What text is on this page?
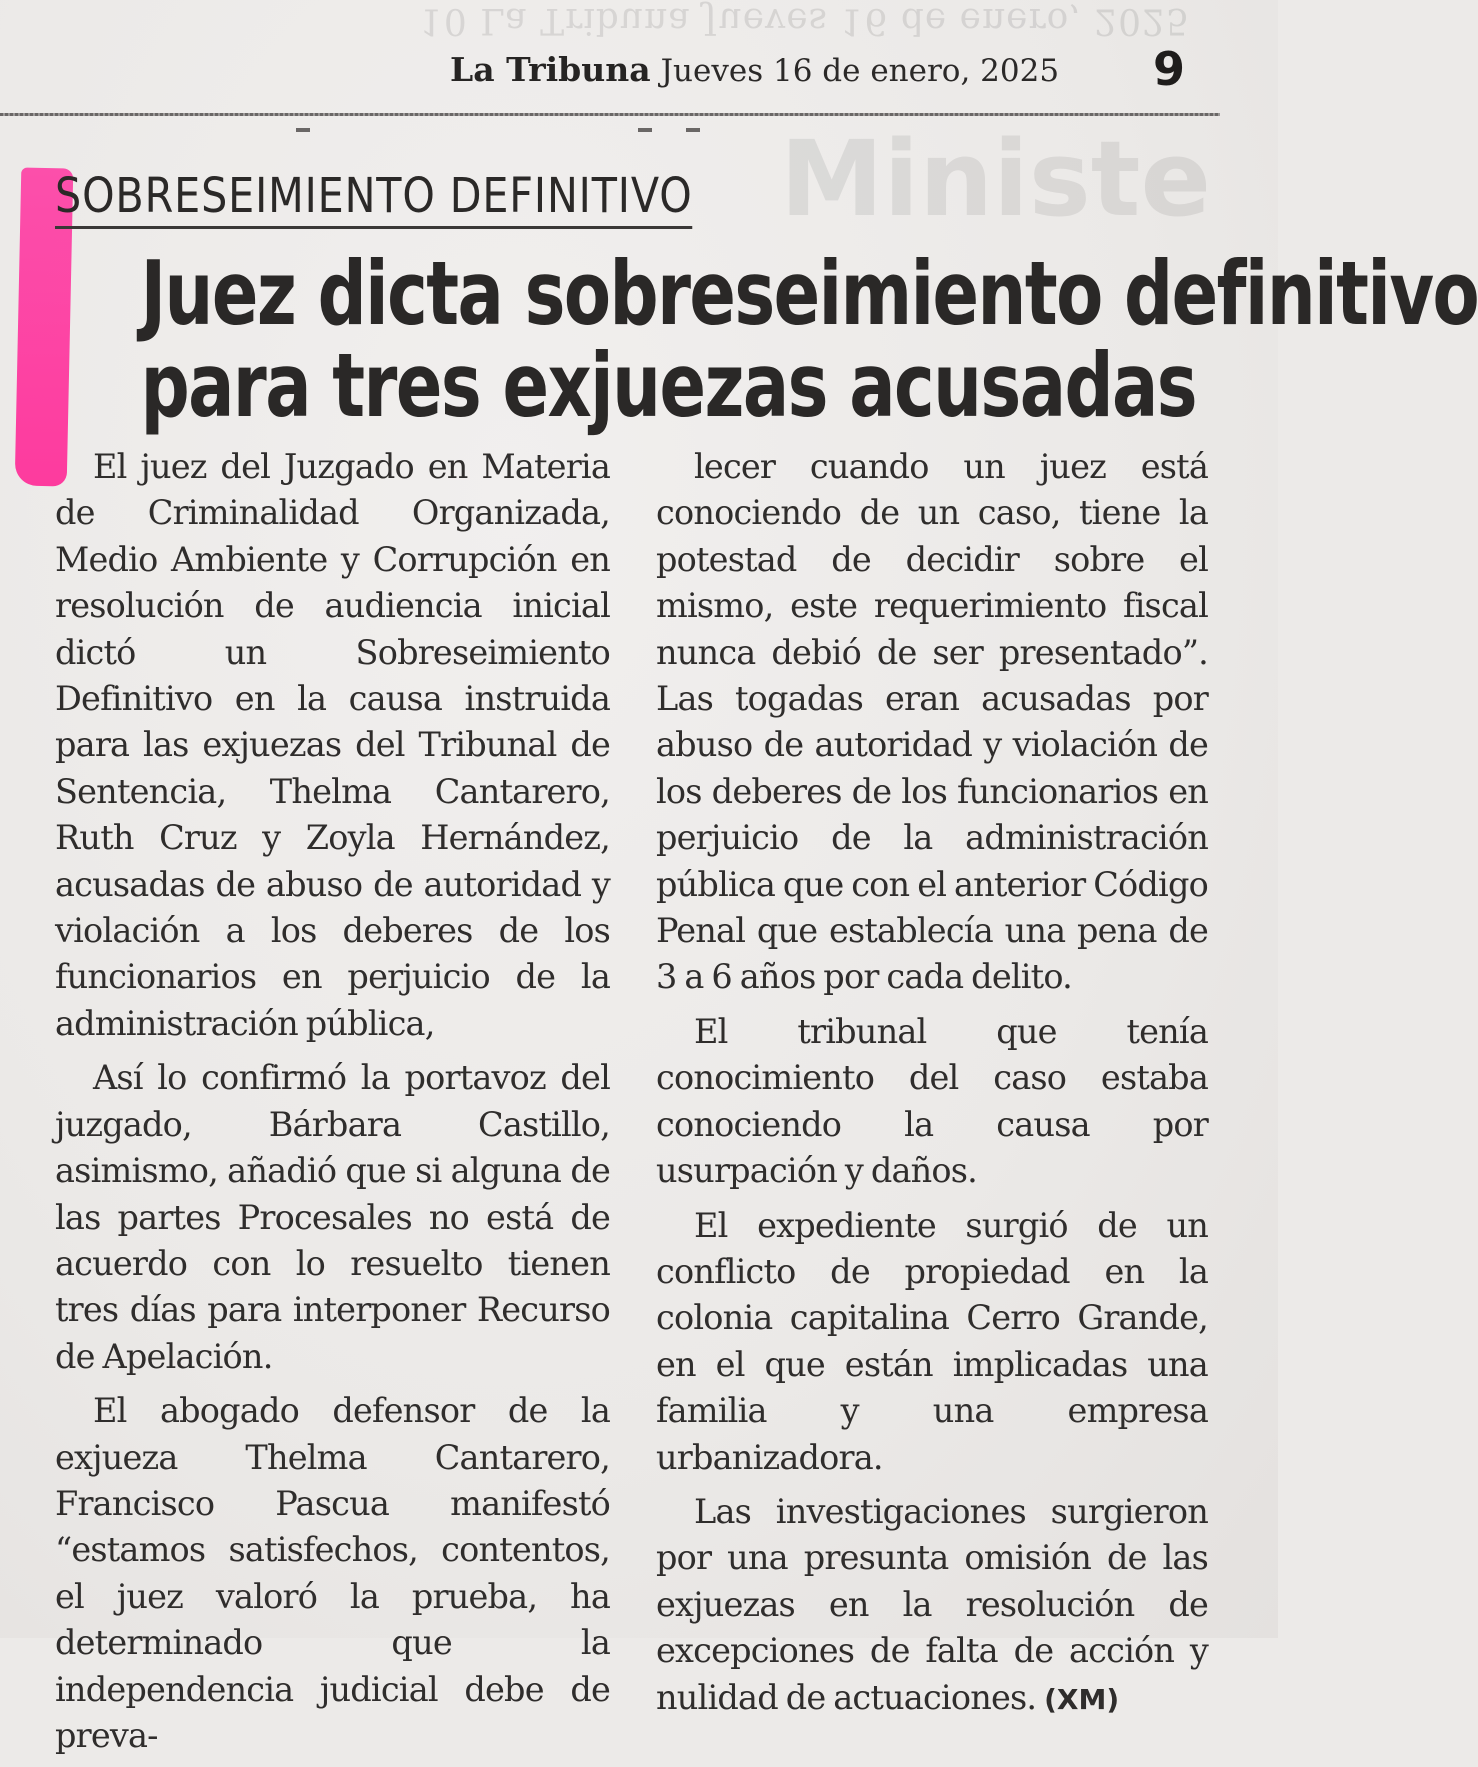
10 La Tribuna Jueves 16 de enero, 2025
Ministe
La Tribuna Jueves 16 de enero, 2025 9
SOBRESEIMIENTO DEFINITIVO
Juez dicta sobreseimiento definitivo
para tres exjuezas acusadas

El juez del Juzgado en Materia de Criminalidad Organizada, Medio Ambiente y Corrupción en resolución de audiencia inicial dictó un Sobreseimiento Definitivo en la causa instruida para las exjuezas del Tribunal de Sentencia, Thelma Cantarero, Ruth Cruz y Zoyla Hernández, acusadas de abuso de autoridad y violación a los deberes de los funcionarios en perjuicio de la administración pública,

Así lo confirmó la portavoz del juzgado, Bárbara Castillo, asimismo, añadió que si alguna de las partes Procesales no está de acuerdo con lo resuelto tienen tres días para interponer Recurso de Apelación.

El abogado defensor de la exjueza Thelma Cantarero, Francisco Pascua manifestó “estamos satisfechos, contentos, el juez valoró la prueba, ha determinado que la independencia judicial debe de preva-

lecer cuando un juez está conociendo de un caso, tiene la potestad de decidir sobre el mismo, este requerimiento fiscal nunca debió de ser presentado”. Las togadas eran acusadas por abuso de autoridad y violación de los deberes de los funcionarios en perjuicio de la administración pública que con el anterior Código Penal que establecía una pena de 3 a 6 años por cada delito.

El tribunal que tenía conocimiento del caso estaba conociendo la causa por usurpación y daños.

El expediente surgió de un conflicto de propiedad en la colonia capitalina Cerro Grande, en el que están implicadas una familia y una empresa urbanizadora.

Las investigaciones surgieron por una presunta omisión de las exjuezas en la resolución de excepciones de falta de acción y nulidad de actuaciones. (XM)
